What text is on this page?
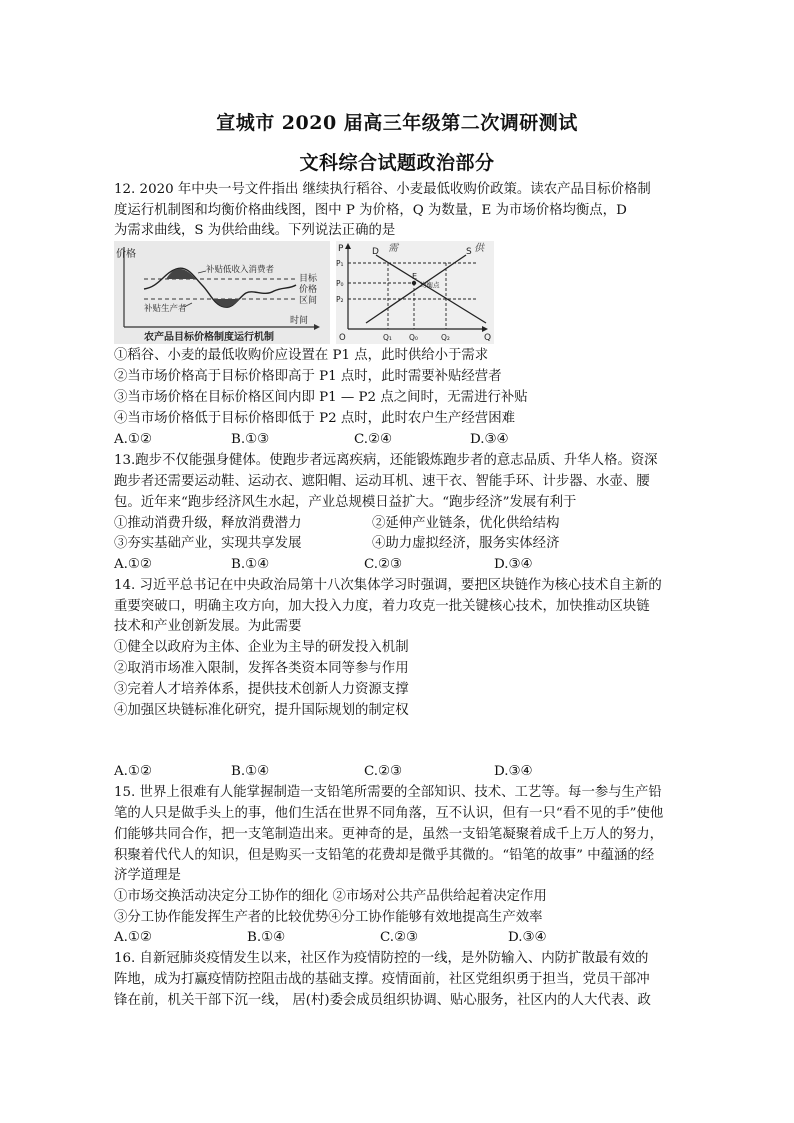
宣城市 2020 届高三年级第二次调研测试
文科综合试题政治部分
12. 2020 年中央一号文件指出 继续执行稻谷、小麦最低收购价政策。读农产品目标价格制
度运行机制图和均衡价格曲线图，图中 P 为价格，Q 为数量，E 为市场价格均衡点，D
为需求曲线，S 为供给曲线。下列说法正确的是
价格
补贴低收入消费者
补贴生产者
目标
价格
区间
时间
农产品目标价格制度运行机制
P
P₁
P₀
P₂
O	Q₁ Q₀	Q₂	Q
D	S
E
均衡点
需	供
①稻谷、小麦的最低收购价应设置在 P1 点，此时供给小于需求
②当市场价格高于目标价格即高于 P1 点时，此时需要补贴经营者
③当市场价格在目标价格区间内即 P1 — P2 点之间时，无需进行补贴
④当市场价格低于目标价格即低于 P2 点时，此时农户生产经营困难
A.①②	B.①③	C.②④	D.③④
13.跑步不仅能强身健体。使跑步者远离疾病，还能锻炼跑步者的意志品质、升华人格。资深
跑步者还需要运动鞋、运动衣、遮阳帽、运动耳机、速干衣、智能手环、计步器、水壶、腰
包。近年来“跑步经济风生水起，产业总规模日益扩大。“跑步经济”发展有利于
①推动消费升级，释放消费潜力	②延伸产业链条，优化供给结构
③夯实基础产业，实现共享发展	④助力虚拟经济，服务实体经济
A.①②	B.①④	C.②③	D.③④
14. 习近平总书记在中央政治局第十八次集体学习时强调，要把区块链作为核心技术自主新的
重要突破口，明确主攻方向，加大投入力度，着力攻克一批关键核心技术，加快推动区块链
技术和产业创新发展。为此需要
①健全以政府为主体、企业为主导的研发投入机制
②取消市场准入限制，发挥各类资本同等参与作用
③完着人才培养体系，提供技术创新人力资源支撑
④加强区块链标准化研究，提升国际规划的制定权
A.①②	B.①④	C.②③	D.③④
15. 世界上很难有人能掌握制造一支铅笔所需要的全部知识、技术、工艺等。每一参与生产铅
笔的人只是做手头上的事，他们生活在世界不同角落，互不认识，但有一只“看不见的手”使他
们能够共同合作，把一支笔制造出来。更神奇的是，虽然一支铅笔凝聚着成千上万人的努力，
积聚着代代人的知识，但是购买一支铅笔的花费却是微乎其微的。“铅笔的故事” 中蕴涵的经
济学道理是
①市场交换活动决定分工协作的细化 ②市场对公共产品供给起着决定作用
③分工协作能发挥生产者的比较优势④分工协作能够有效地提高生产效率
A.①②	B.①④	C.②③	D.③④
16. 自新冠肺炎疫情发生以来，社区作为疫情防控的一线，是外防输入、内防扩散最有效的
阵地，成为打赢疫情防控阻击战的基础支撑。疫情面前，社区党组织勇于担当，党员干部冲
锋在前，机关干部下沉一线， 居(村)委会成员组织协调、贴心服务，社区内的人大代表、政
